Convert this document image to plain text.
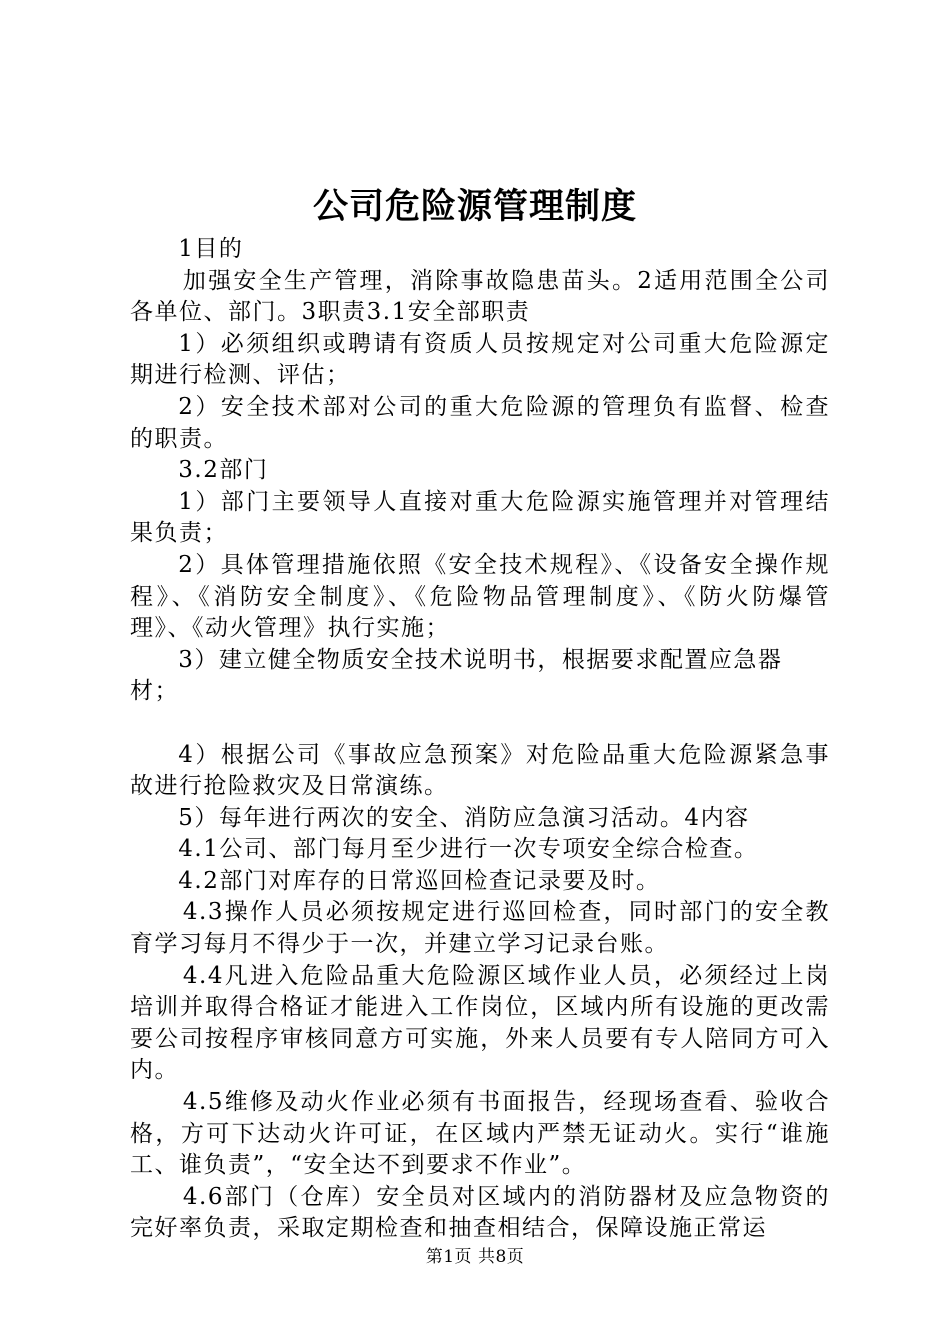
公司危险源管理制度

1目的

加强安全生产管理，消除事故隐患苗头。2适用范围全公司各单位、部门。3职责3.1安全部职责

1）必须组织或聘请有资质人员按规定对公司重大危险源定期进行检测、评估；

2）安全技术部对公司的重大危险源的管理负有监督、检查的职责。

3.2部门

1）部门主要领导人直接对重大危险源实施管理并对管理结果负责；

2）具体管理措施依照《安全技术规程》、《设备安全操作规程》、《消防安全制度》、《危险物品管理制度》、《防火防爆管理》、《动火管理》执行实施；

3）建立健全物质安全技术说明书，根据要求配置应急器材；

4）根据公司《事故应急预案》对危险品重大危险源紧急事故进行抢险救灾及日常演练。

5）每年进行两次的安全、消防应急演习活动。4内容

4.1公司、部门每月至少进行一次专项安全综合检查。

4.2部门对库存的日常巡回检查记录要及时。

4.3操作人员必须按规定进行巡回检查，同时部门的安全教育学习每月不得少于一次，并建立学习记录台账。

4.4凡进入危险品重大危险源区域作业人员，必须经过上岗培训并取得合格证才能进入工作岗位，区域内所有设施的更改需要公司按程序审核同意方可实施，外来人员要有专人陪同方可入内。

4.5维修及动火作业必须有书面报告，经现场查看、验收合格，方可下达动火许可证，在区域内严禁无证动火。实行“谁施工、谁负责”，“安全达不到要求不作业”。

4.6部门（仓库）安全员对区域内的消防器材及应急物资的完好率负责，采取定期检查和抽查相结合，保障设施正常运

第1页 共8页
